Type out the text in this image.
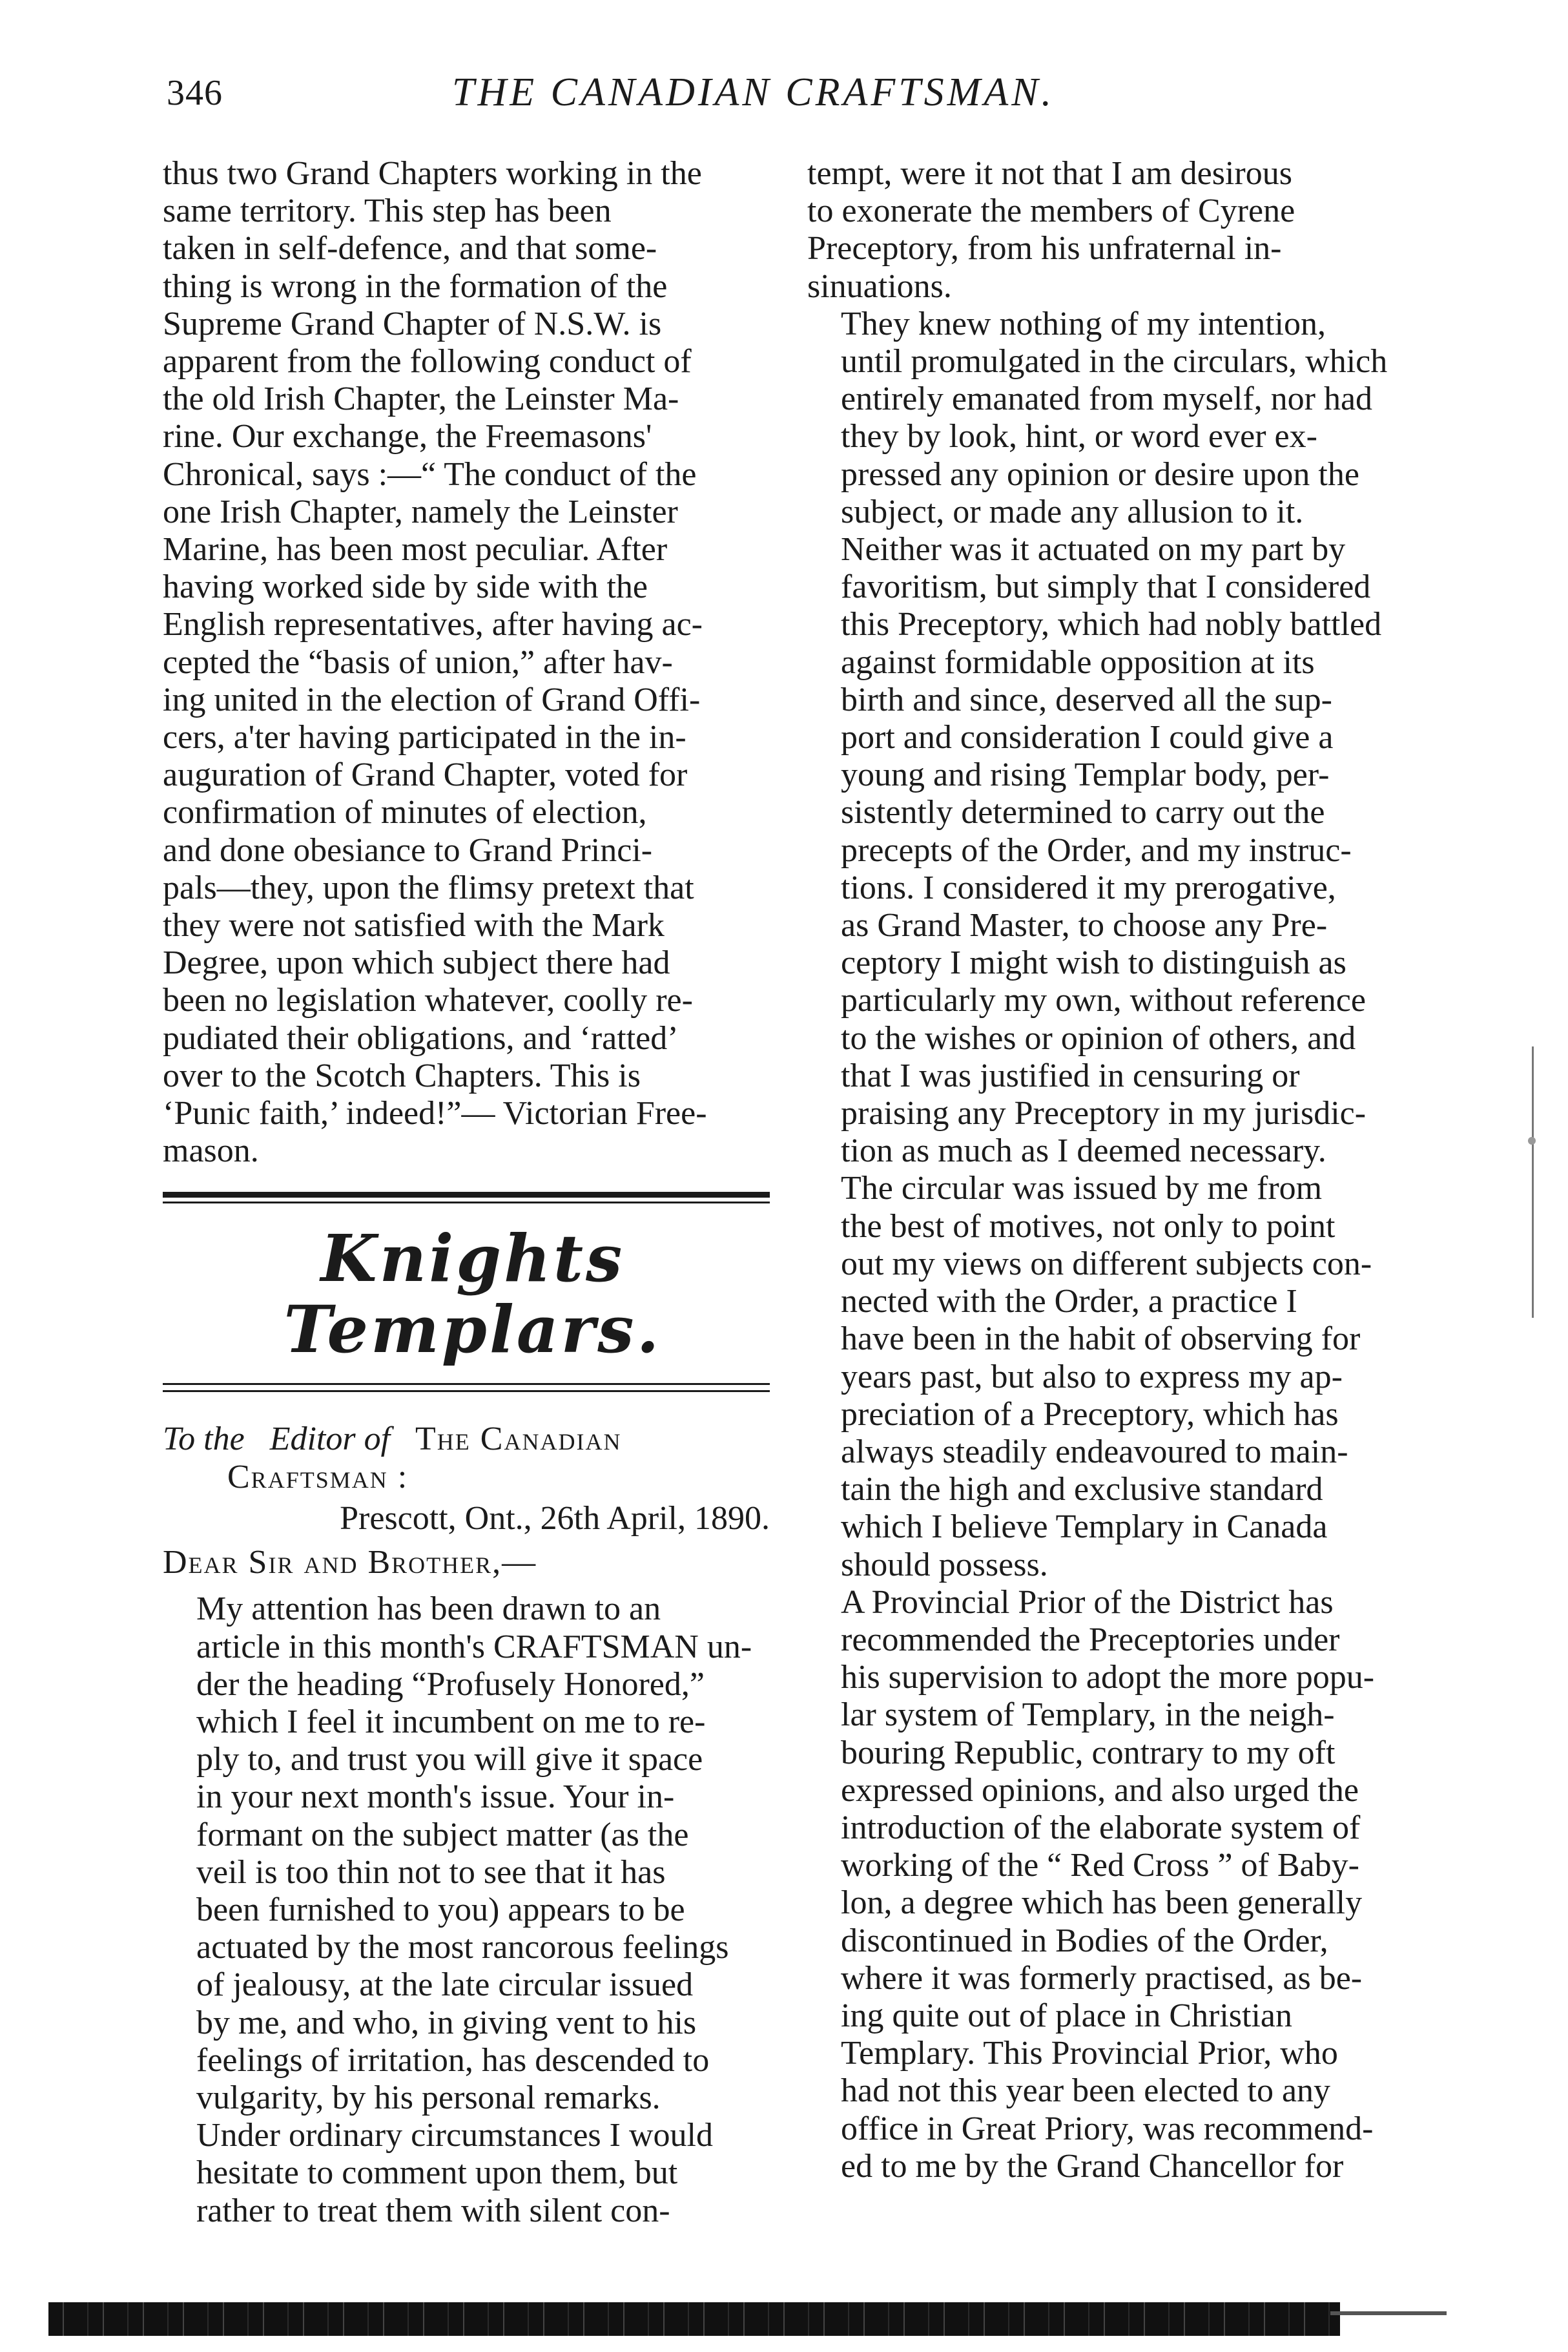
346	THE CANADIAN CRAFTSMAN.
thus two Grand Chapters working in the
same territory. This step has been
taken in self-defence, and that some-
thing is wrong in the formation of the
Supreme Grand Chapter of N.S.W. is
apparent from the following conduct of
the old Irish Chapter, the Leinster Ma-
rine. Our exchange, the Freemasons'
Chronical, says :—“ The conduct of the
one Irish Chapter, namely the Leinster
Marine, has been most peculiar. After
having worked side by side with the
English representatives, after having ac-
cepted the “basis of union,” after hav-
ing united in the election of Grand Offi-
cers, a'ter having participated in the in-
auguration of Grand Chapter, voted for
confirmation of minutes of election,
and done obesiance to Grand Princi-
pals—they, upon the flimsy pretext that
they were not satisfied with the Mark
Degree, upon which subject there had
been no legislation whatever, coolly re-
pudiated their obligations, and ‘ratted’
over to the Scotch Chapters. This is
‘Punic faith,’ indeed!”— Victorian Free-
mason.
Knights Templars.

To the Editor of The Canadian

Craftsman :

Prescott, Ont., 26th April, 1890.

Dear Sir and Brother,—

My attention has been drawn to an
article in this month's CRAFTSMAN un-
der the heading “Profusely Honored,”
which I feel it incumbent on me to re-
ply to, and trust you will give it space
in your next month's issue. Your in-
formant on the subject matter (as the
veil is too thin not to see that it has
been furnished to you) appears to be
actuated by the most rancorous feelings
of jealousy, at the late circular issued
by me, and who, in giving vent to his
feelings of irritation, has descended to
vulgarity, by his personal remarks.
Under ordinary circumstances I would
hesitate to comment upon them, but
rather to treat them with silent con-
tempt, were it not that I am desirous
to exonerate the members of Cyrene
Preceptory, from his unfraternal in-
sinuations.
They knew nothing of my intention,
until promulgated in the circulars, which
entirely emanated from myself, nor had
they by look, hint, or word ever ex-
pressed any opinion or desire upon the
subject, or made any allusion to it.
Neither was it actuated on my part by
favoritism, but simply that I considered
this Preceptory, which had nobly battled
against formidable opposition at its
birth and since, deserved all the sup-
port and consideration I could give a
young and rising Templar body, per-
sistently determined to carry out the
precepts of the Order, and my instruc-
tions. I considered it my prerogative,
as Grand Master, to choose any Pre-
ceptory I might wish to distinguish as
particularly my own, without reference
to the wishes or opinion of others, and
that I was justified in censuring or
praising any Preceptory in my jurisdic-
tion as much as I deemed necessary.
The circular was issued by me from
the best of motives, not only to point
out my views on different subjects con-
nected with the Order, a practice I
have been in the habit of observing for
years past, but also to express my ap-
preciation of a Preceptory, which has
always steadily endeavoured to main-
tain the high and exclusive standard
which I believe Templary in Canada
should possess.
A Provincial Prior of the District has
recommended the Preceptories under
his supervision to adopt the more popu-
lar system of Templary, in the neigh-
bouring Republic, contrary to my oft
expressed opinions, and also urged the
introduction of the elaborate system of
working of the “ Red Cross ” of Baby-
lon, a degree which has been generally
discontinued in Bodies of the Order,
where it was formerly practised, as be-
ing quite out of place in Christian
Templary. This Provincial Prior, who
had not this year been elected to any
office in Great Priory, was recommend-
ed to me by the Grand Chancellor for
